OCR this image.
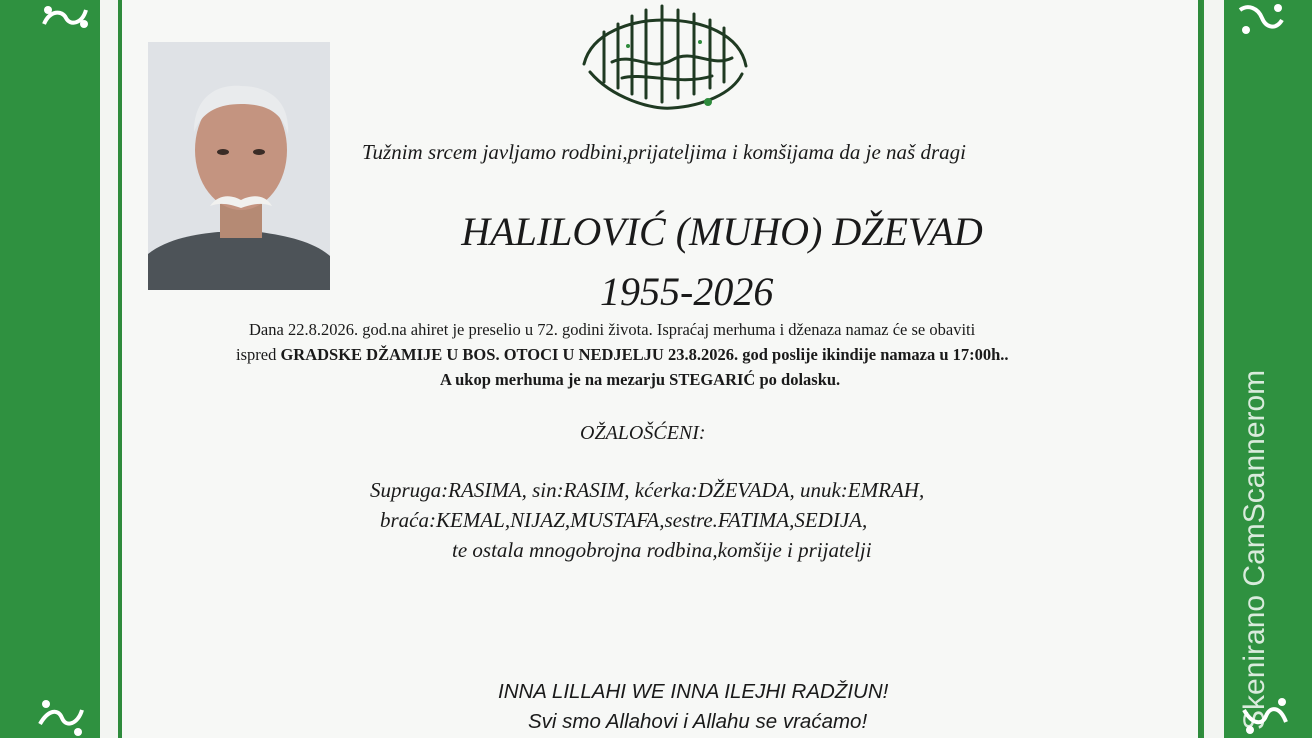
Tužnim srcem javljamo rodbini,prijateljima i komšijama da je naš dragi
HALILOVIĆ (MUHO) DŽEVAD
1955-2026
Dana 22.8.2026. god.na ahiret je preselio u 72. godini života. Ispraćaj merhuma i dženaza namaz će se obaviti
ispred GRADSKE DŽAMIJE U BOS. OTOCI U NEDJELJU 23.8.2026. god poslije ikindije namaza u 17:00h..
A ukop merhuma je na mezarju STEGARIĆ po dolasku.
OŽALOŠĆENI:
Supruga:RASIMA, sin:RASIM, kćerka:DŽEVADA, unuk:EMRAH,
braća:KEMAL,NIJAZ,MUSTAFA,sestre.FATIMA,SEDIJA,
te ostala mnogobrojna rodbina,komšije i prijatelji
INNA LILLAHI WE INNA ILEJHI RADŽIUN!
Svi smo Allahovi i Allahu se vraćamo!	Skenirano CamScannerom
